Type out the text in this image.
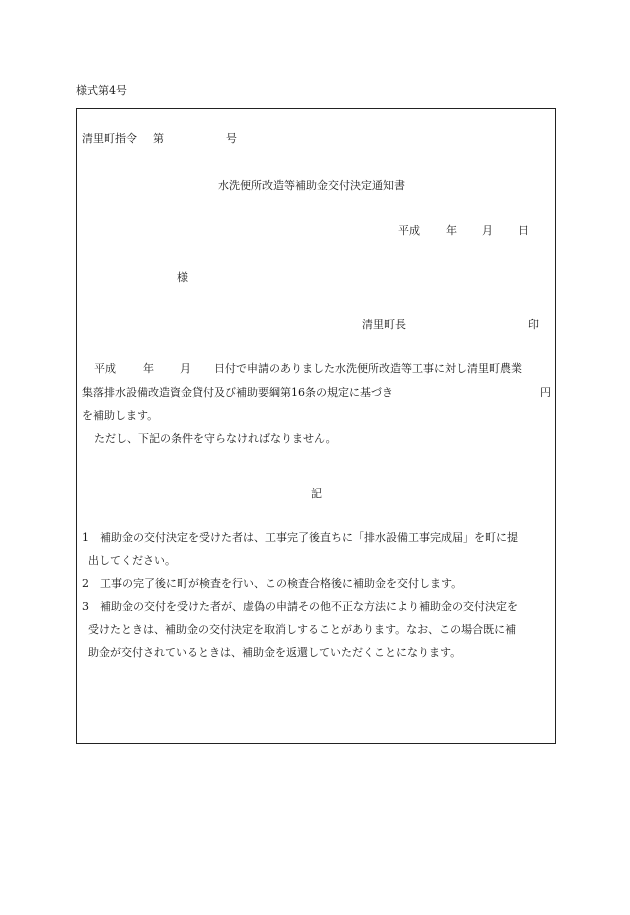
様式第4号
清里町指令 第	号
水洗便所改造等補助金交付決定通知書
平成 年 月 日
様
清里町長	印
平成 年 月 日付で申請のありました水洗便所改造等工事に対し清里町農業
集落排水設備改造資金貸付及び補助要綱第16条の規定に基づき	円
を補助します。
ただし、下記の条件を守らなければなりません。
記
1 補助金の交付決定を受けた者は、工事完了後直ちに「排水設備工事完成届」を町に提
出してください。
2 工事の完了後に町が検査を行い、この検査合格後に補助金を交付します。
3 補助金の交付を受けた者が、虚偽の申請その他不正な方法により補助金の交付決定を
受けたときは、補助金の交付決定を取消しすることがあります。なお、この場合既に補
助金が交付されているときは、補助金を返還していただくことになります。
